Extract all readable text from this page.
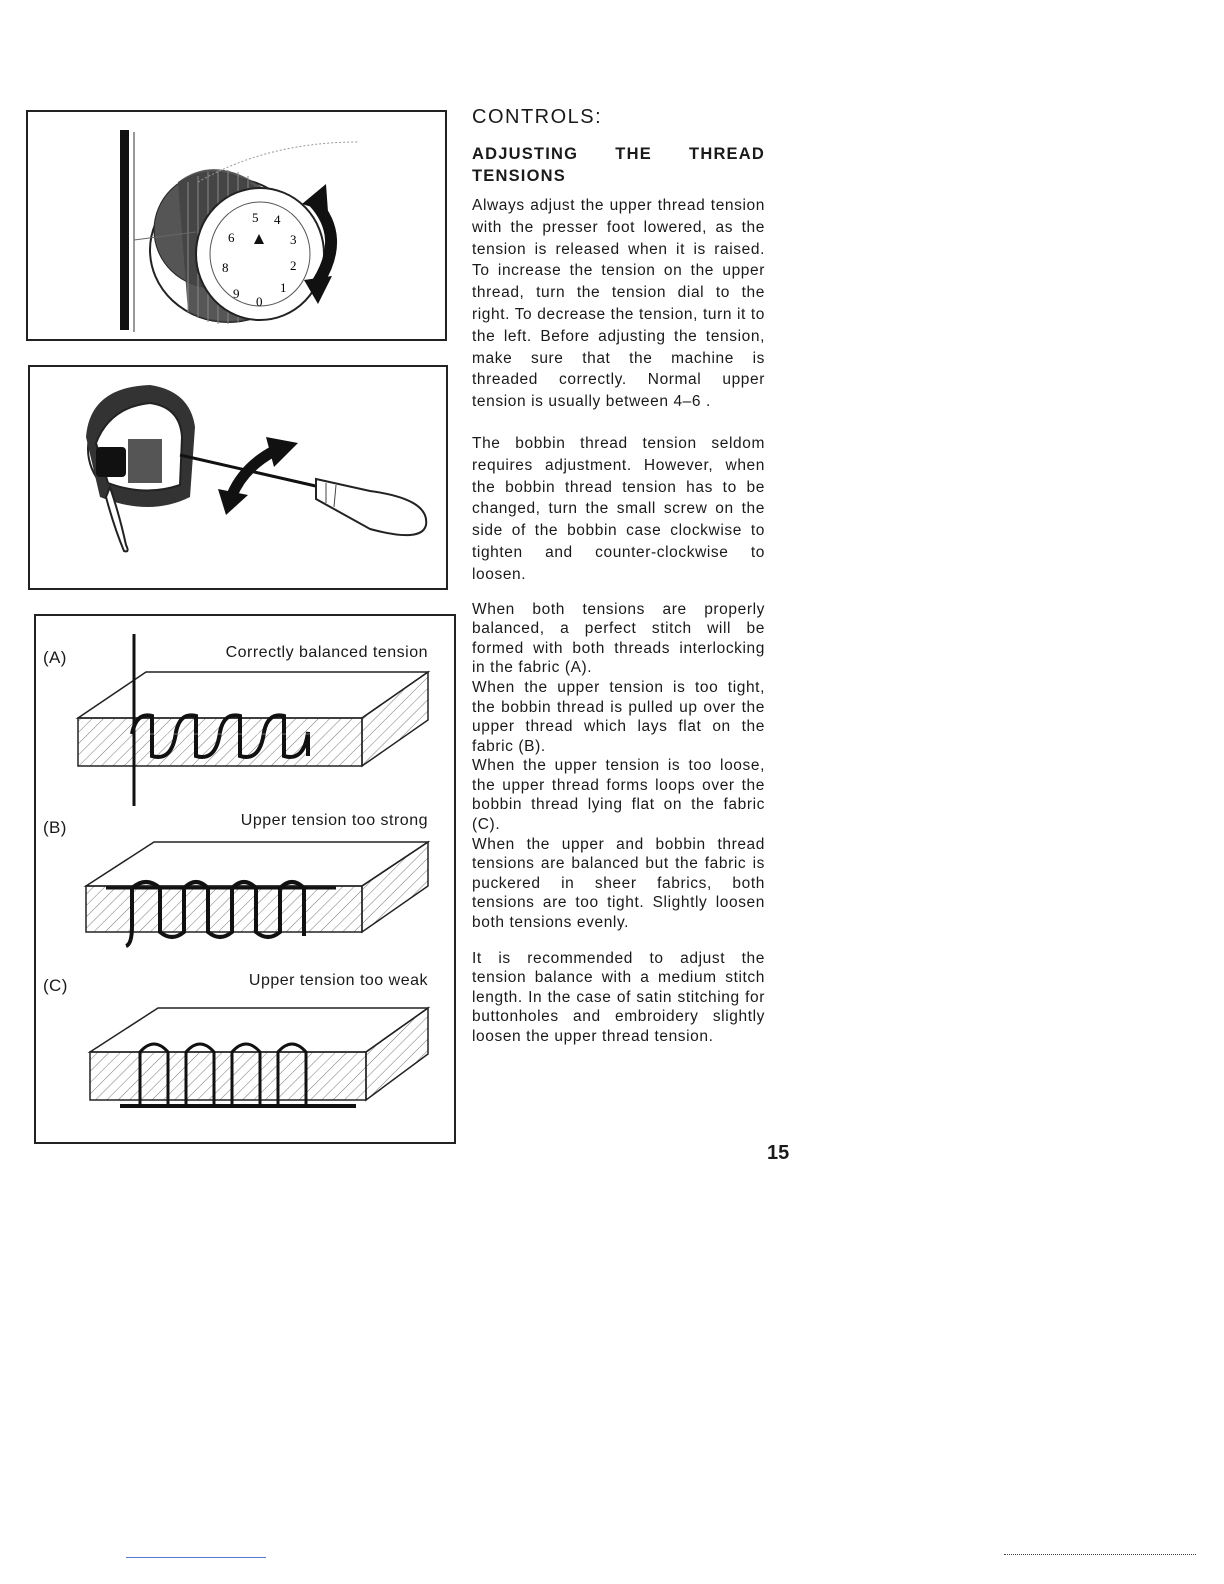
5 4
3
2
1
0
9
8
6
(A)	Correctly balanced tension
(B)	Upper tension too strong
(C)	Upper tension too weak
CONTROLS:
ADJUSTING THE THREAD
TENSIONS

Always adjust the upper thread tension with the presser foot lowered, as the tension is released when it is raised. To increase the tension on the upper thread, turn the tension dial to the right. To decrease the tension, turn it to the left. Before adjusting the tension, make sure that the machine is threaded correctly. Normal upper tension is usually between 4–6 .

The bobbin thread tension seldom requires adjustment. However, when the bobbin thread tension has to be changed, turn the small screw on the side of the bobbin case clockwise to tighten and counter-clockwise to loosen.

When both tensions are properly balanced, a perfect stitch will be formed with both threads interlocking in the fabric (A).

When the upper tension is too tight, the bobbin thread is pulled up over the upper thread which lays flat on the fabric (B).

When the upper tension is too loose, the upper thread forms loops over the bobbin thread lying flat on the fabric (C).

When the upper and bobbin thread tensions are balanced but the fabric is puckered in sheer fabrics, both tensions are too tight. Slightly loosen both tensions evenly.

It is recommended to adjust the tension balance with a medium stitch length. In the case of satin stitching for buttonholes and embroidery slightly loosen the upper thread tension.

15
